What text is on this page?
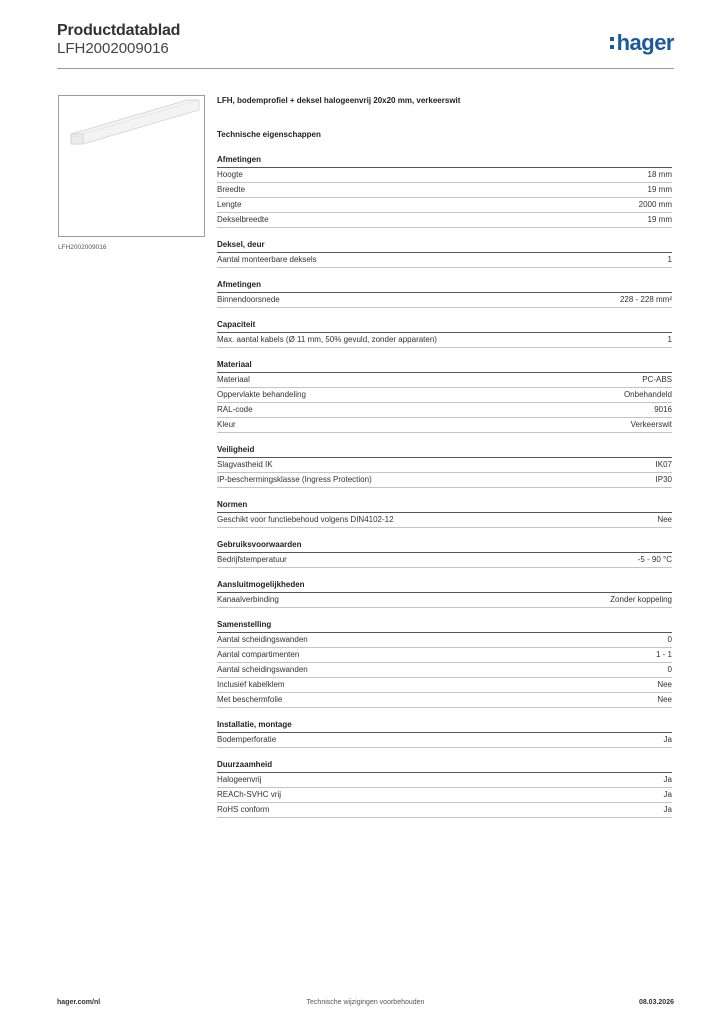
Productdatablad
LFH2002009016	hager
LFH2002009016
LFH, bodemprofiel + deksel halogeenvrij 20x20 mm, verkeerswit
Technische eigenschappen
Afmetingen
Hoogte	18 mm
Breedte	19 mm
Lengte	2000 mm
Dekselbreedte	19 mm
Deksel, deur
Aantal monteerbare deksels	1
Afmetingen
Binnendoorsnede	228 - 228 mm²
Capaciteit
Max. aantal kabels (Ø 11 mm, 50% gevuld, zonder apparaten)	1
Materiaal
Materiaal	PC-ABS
Oppervlakte behandeling	Onbehandeld
RAL-code	9016
Kleur	Verkeerswit
Veiligheid
Slagvastheid IK	IK07
IP-beschermingsklasse (Ingress Protection)	IP30
Normen
Geschikt voor functiebehoud volgens DIN4102-12	Nee
Gebruiksvoorwaarden
Bedrijfstemperatuur	-5 - 90 °C
Aansluitmogelijkheden
Kanaalverbinding	Zonder koppeling
Samenstelling
Aantal scheidingswanden	0
Aantal compartimenten	1 - 1
Aantal scheidingswanden	0
Inclusief kabelklem	Nee
Met beschermfolie	Nee
Installatie, montage
Bodemperforatie	Ja
Duurzaamheid
Halogeenvrij	Ja
REACh-SVHC vrij	Ja
RoHS conform	Ja
hager.com/nl	Technische wijzigingen voorbehouden	08.03.2026
